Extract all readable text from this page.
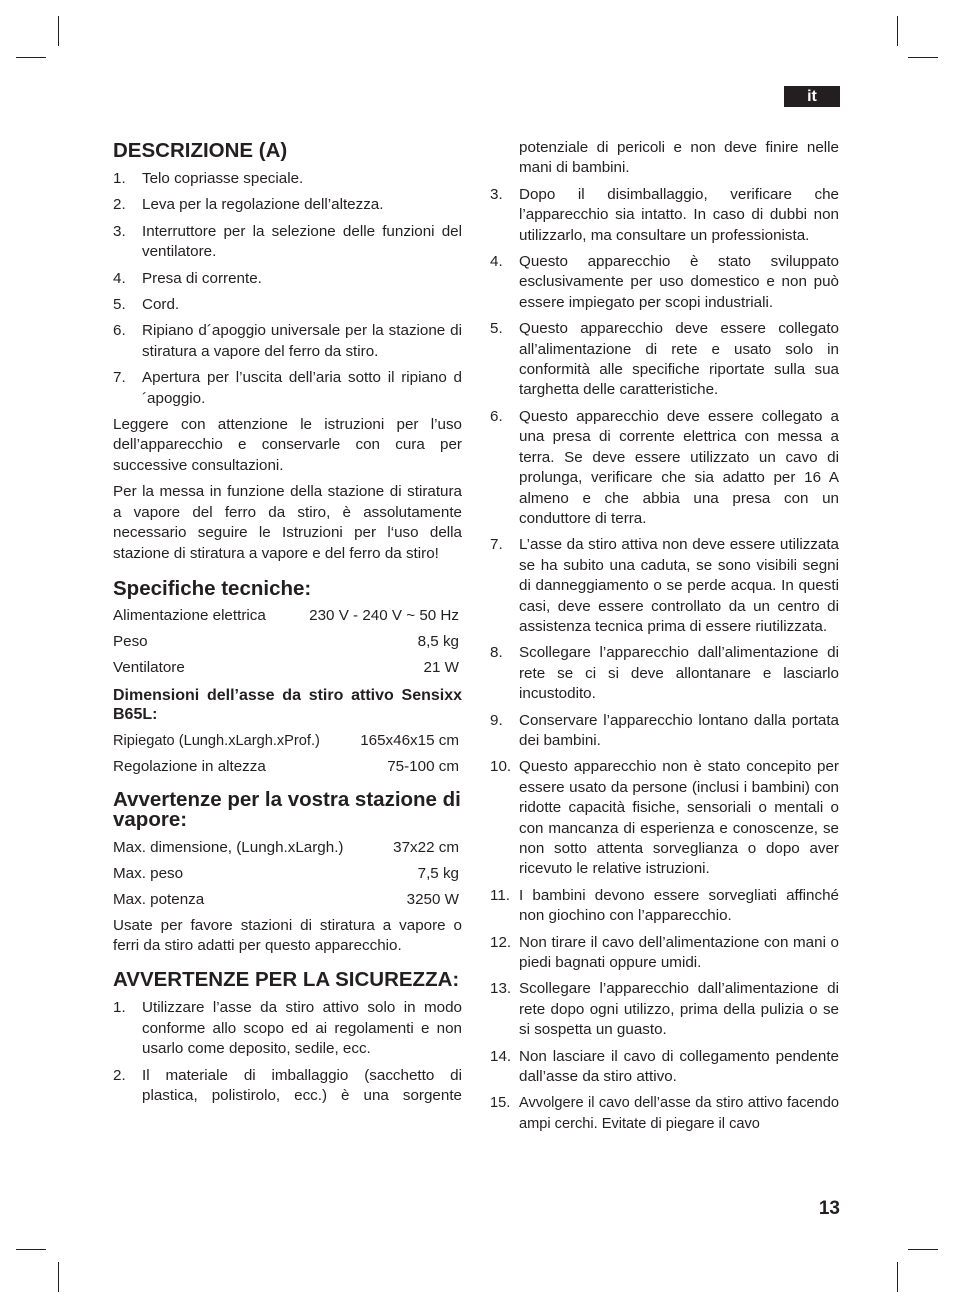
it
DESCRIZIONE (A)
1. Telo copriasse speciale.
2. Leva per la regolazione dell’altezza.
3. Interruttore per la selezione delle funzioni del ventilatore.
4. Presa di corrente.
5. Cord.
6. Ripiano d´apoggio universale per la stazione di stiratura a vapore del ferro da stiro.
7. Apertura per l’uscita dell’aria sotto il ripiano d´apoggio.

Leggere con attenzione le istruzioni per l’uso dell’apparecchio e conservarle con cura per successive consultazioni.

Per la messa in funzione della stazione di stiratura a vapore del ferro da stiro, è assolutamente necessario seguire le Istruzioni per l‘uso della stazione di stiratura a vapore e del ferro da stiro!

Specifiche tecniche:
Alimentazione elettrica	230 V - 240 V ~ 50 Hz
Peso	8,5 kg
Ventilatore	21 W
Dimensioni dell’asse da stiro attivo Sensixx B65L:
Ripiegato (Lungh.xLargh.xProf.)	165x46x15 cm
Regolazione in altezza	75-100 cm
Avvertenze per la vostra stazione di vapore:
Max. dimensione, (Lungh.xLargh.)	37x22 cm
Max. peso	7,5 kg
Max. potenza	3250 W

Usate per favore stazioni di stiratura a vapore o ferri da stiro adatti per questo apparecchio.

AVVERTENZE PER LA SICUREZZA:
1. Utilizzare l’asse da stiro attivo solo in modo conforme allo scopo ed ai regolamenti e non usarlo come deposito, sedile, ecc.
2. Il materiale di imballaggio (sacchetto di plastica, polistirolo, ecc.) è una sorgente
potenziale di pericoli e non deve finire nelle mani di bambini.
3. Dopo il disimballaggio, verificare che l’apparecchio sia intatto. In caso di dubbi non utilizzarlo, ma consultare un professionista.
4. Questo apparecchio è stato sviluppato esclusivamente per uso domestico e non può essere impiegato per scopi industriali.
5. Questo apparecchio deve essere collegato all’alimentazione di rete e usato solo in conformità alle specifiche riportate sulla sua targhetta delle caratteristiche.
6. Questo apparecchio deve essere collegato a una presa di corrente elettrica con messa a terra. Se deve essere utilizzato un cavo di prolunga, verificare che sia adatto per 16 A almeno e che abbia una presa con un conduttore di terra.
7. L’asse da stiro attiva non deve essere utilizzata se ha subito una caduta, se sono visibili segni di danneggiamento o se perde acqua. In questi casi, deve essere controllato da un centro di assistenza tecnica prima di essere riutilizzata.
8. Scollegare l’apparecchio dall’alimentazione di rete se ci si deve allontanare e lasciarlo incustodito.
9. Conservare l’apparecchio lontano dalla portata dei bambini.
10. Questo apparecchio non è stato concepito per essere usato da persone (inclusi i bambini) con ridotte capacità fisiche, sensoriali o mentali o con mancanza di esperienza e conoscenze, se non sotto attenta sorveglianza o dopo aver ricevuto le relative istruzioni.
11. I bambini devono essere sorvegliati affinché non giochino con l’apparecchio.
12. Non tirare il cavo dell’alimentazione con mani o piedi bagnati oppure umidi.
13. Scollegare l’apparecchio dall’alimentazione di rete dopo ogni utilizzo, prima della pulizia o se si sospetta un guasto.
14. Non lasciare il cavo di collegamento pendente dall’asse da stiro attivo.
15. Avvolgere il cavo dell’asse da stiro attivo facendo ampi cerchi. Evitate di piegare il cavo
13
